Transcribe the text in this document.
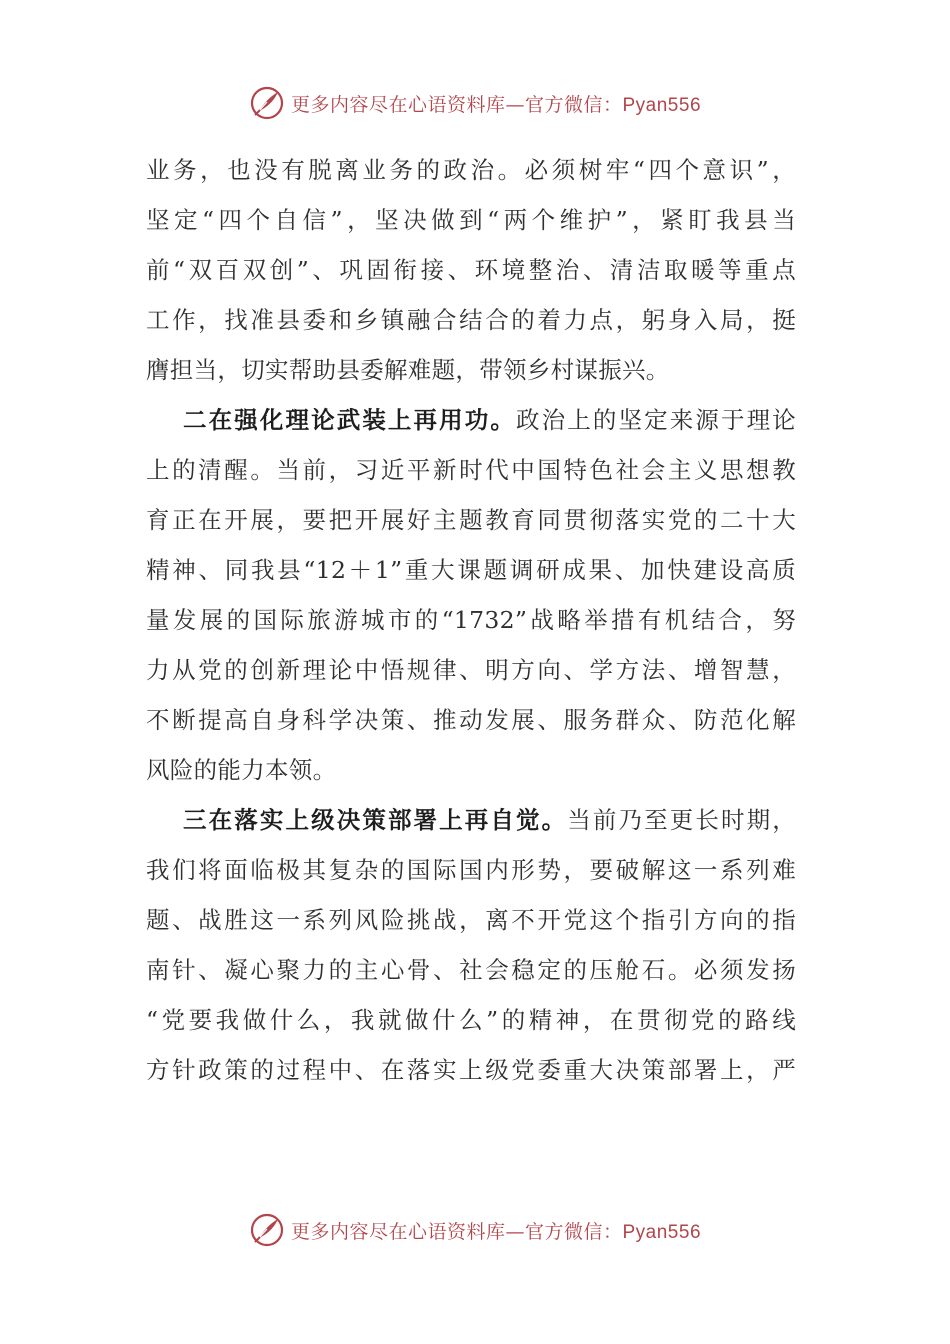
更多内容尽在心语资料库—官方微信：Pyan556
业务，也没有脱离业务的政治。必须树牢“四个意识”，
坚定“四个自信”，坚决做到“两个维护”，紧盯我县当
前“双百双创”、巩固衔接、环境整治、清洁取暖等重点
工作，找准县委和乡镇融合结合的着力点，躬身入局，挺
膺担当，切实帮助县委解难题，带领乡村谋振兴。
二在强化理论武装上再用功。政治上的坚定来源于理论
上的清醒。当前，习近平新时代中国特色社会主义思想教
育正在开展，要把开展好主题教育同贯彻落实党的二十大
精神、同我县“12＋1”重大课题调研成果、加快建设高质
量发展的国际旅游城市的“1732”战略举措有机结合，努
力从党的创新理论中悟规律、明方向、学方法、增智慧，
不断提高自身科学决策、推动发展、服务群众、防范化解
风险的能力本领。
三在落实上级决策部署上再自觉。当前乃至更长时期，
我们将面临极其复杂的国际国内形势，要破解这一系列难
题、战胜这一系列风险挑战，离不开党这个指引方向的指
南针、凝心聚力的主心骨、社会稳定的压舱石。必须发扬
“党要我做什么，我就做什么”的精神，在贯彻党的路线
方针政策的过程中、在落实上级党委重大决策部署上，严
更多内容尽在心语资料库—官方微信：Pyan556
